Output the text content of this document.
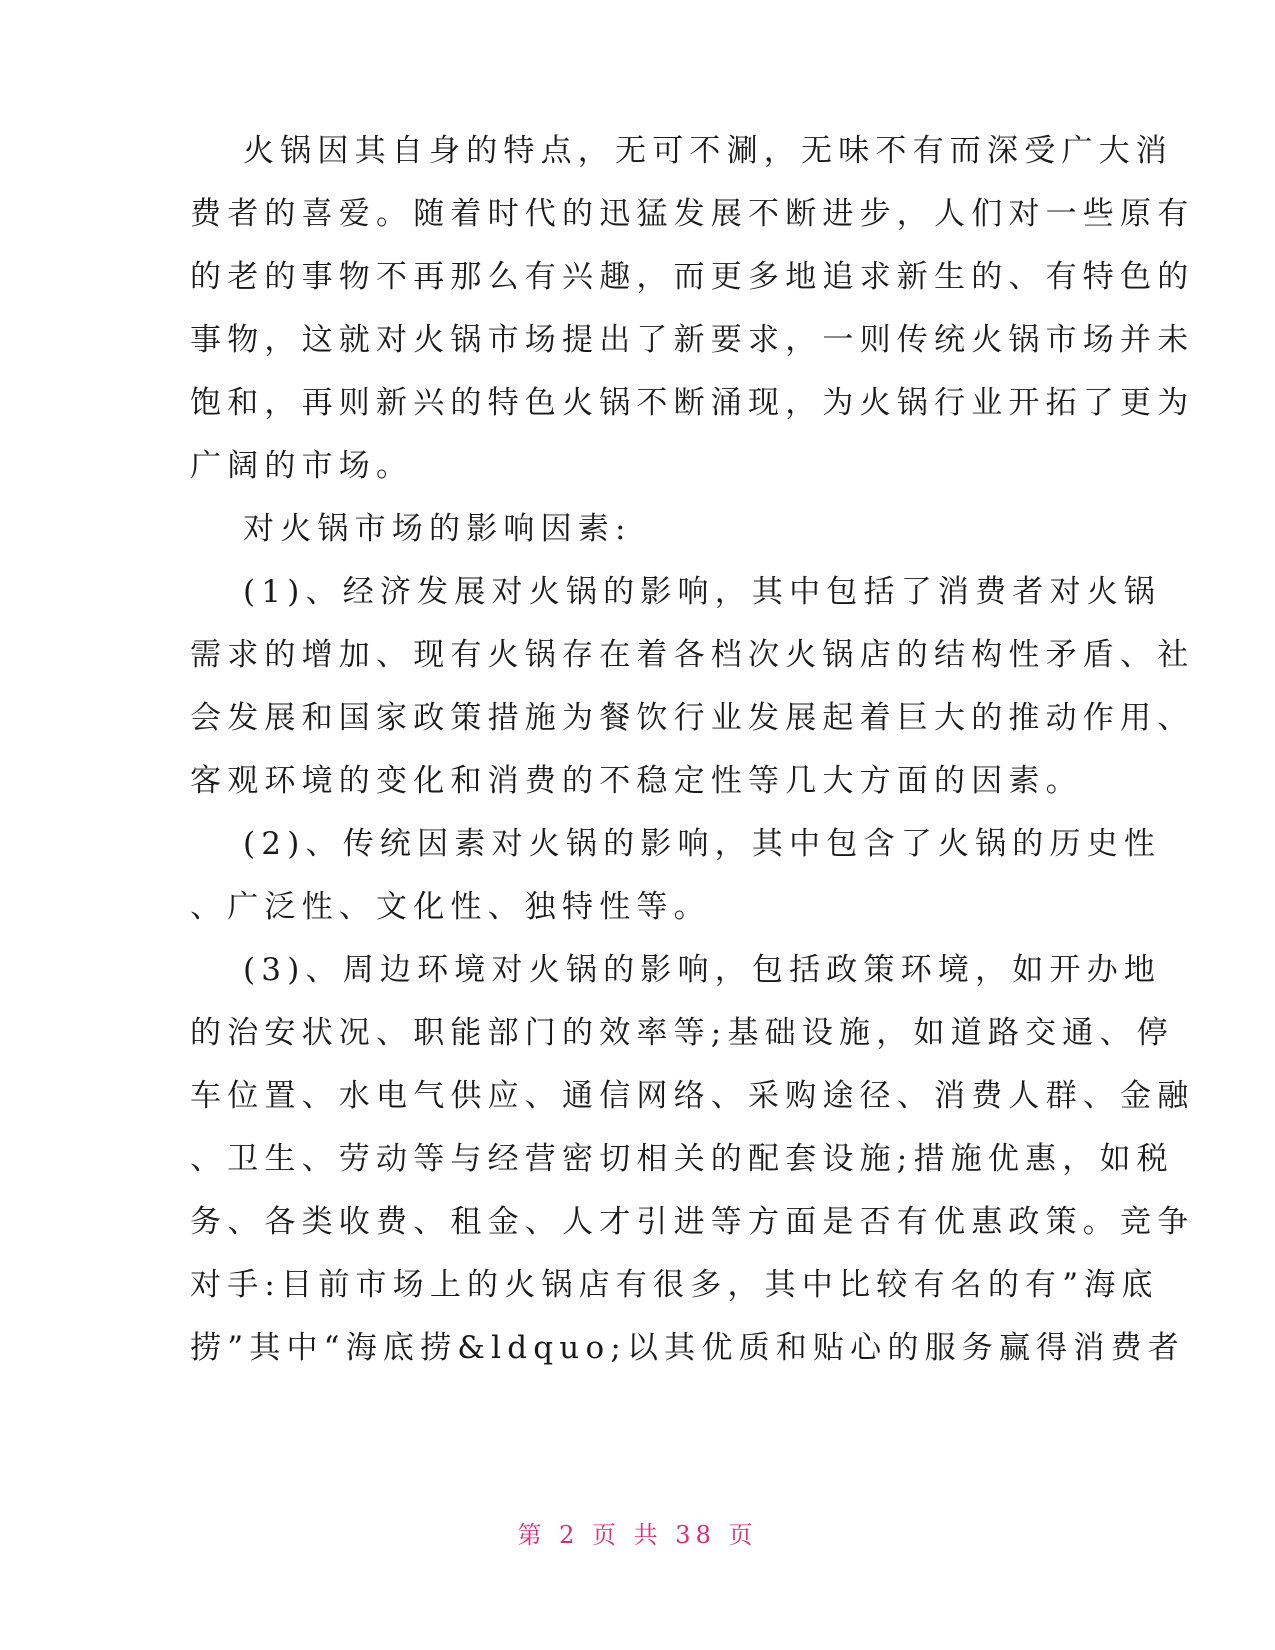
火锅因其自身的特点，无可不涮，无味不有而深受广大消
费者的喜爱。随着时代的迅猛发展不断进步，人们对一些原有
的老的事物不再那么有兴趣，而更多地追求新生的、有特色的
事物，这就对火锅市场提出了新要求，一则传统火锅市场并未
饱和，再则新兴的特色火锅不断涌现，为火锅行业开拓了更为
广阔的市场。
对火锅市场的影响因素:
(1)、经济发展对火锅的影响，其中包括了消费者对火锅
需求的增加、现有火锅存在着各档次火锅店的结构性矛盾、社
会发展和国家政策措施为餐饮行业发展起着巨大的推动作用、
客观环境的变化和消费的不稳定性等几大方面的因素。
(2)、传统因素对火锅的影响，其中包含了火锅的历史性
、广泛性、文化性、独特性等。
(3)、周边环境对火锅的影响，包括政策环境，如开办地
的治安状况、职能部门的效率等;基础设施，如道路交通、停
车位置、水电气供应、通信网络、采购途径、消费人群、金融
、卫生、劳动等与经营密切相关的配套设施;措施优惠，如税
务、各类收费、租金、人才引进等方面是否有优惠政策。竞争
对手:目前市场上的火锅店有很多，其中比较有名的有”海底
捞”其中“海底捞&ldquo;以其优质和贴心的服务赢得消费者
第 2 页 共 38 页
